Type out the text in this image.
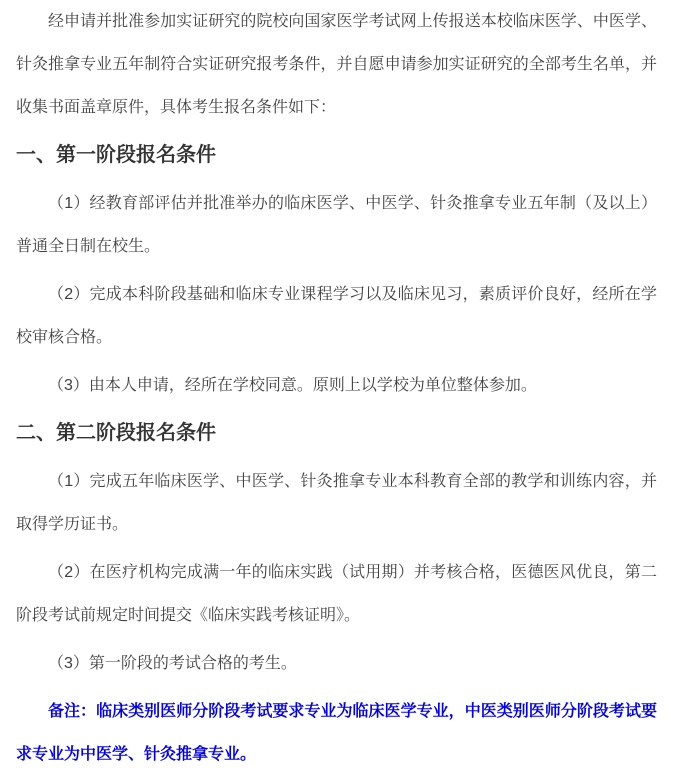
经申请并批准参加实证研究的院校向国家医学考试网上传报送本校临床医学、中医学、针灸推拿专业五年制符合实证研究报考条件，并自愿申请参加实证研究的全部考生名单，并收集书面盖章原件，具体考生报名条件如下：

一、第一阶段报名条件

（1）经教育部评估并批准举办的临床医学、中医学、针灸推拿专业五年制（及以上）普通全日制在校生。

（2）完成本科阶段基础和临床专业课程学习以及临床见习，素质评价良好，经所在学校审核合格。

（3）由本人申请，经所在学校同意。原则上以学校为单位整体参加。

二、第二阶段报名条件

（1）完成五年临床医学、中医学、针灸推拿专业本科教育全部的教学和训练内容，并取得学历证书。

（2）在医疗机构完成满一年的临床实践（试用期）并考核合格，医德医风优良，第二阶段考试前规定时间提交《临床实践考核证明》。

（3）第一阶段的考试合格的考生。

备注：临床类别医师分阶段考试要求专业为临床医学专业，中医类别医师分阶段考试要求专业为中医学、针灸推拿专业。
